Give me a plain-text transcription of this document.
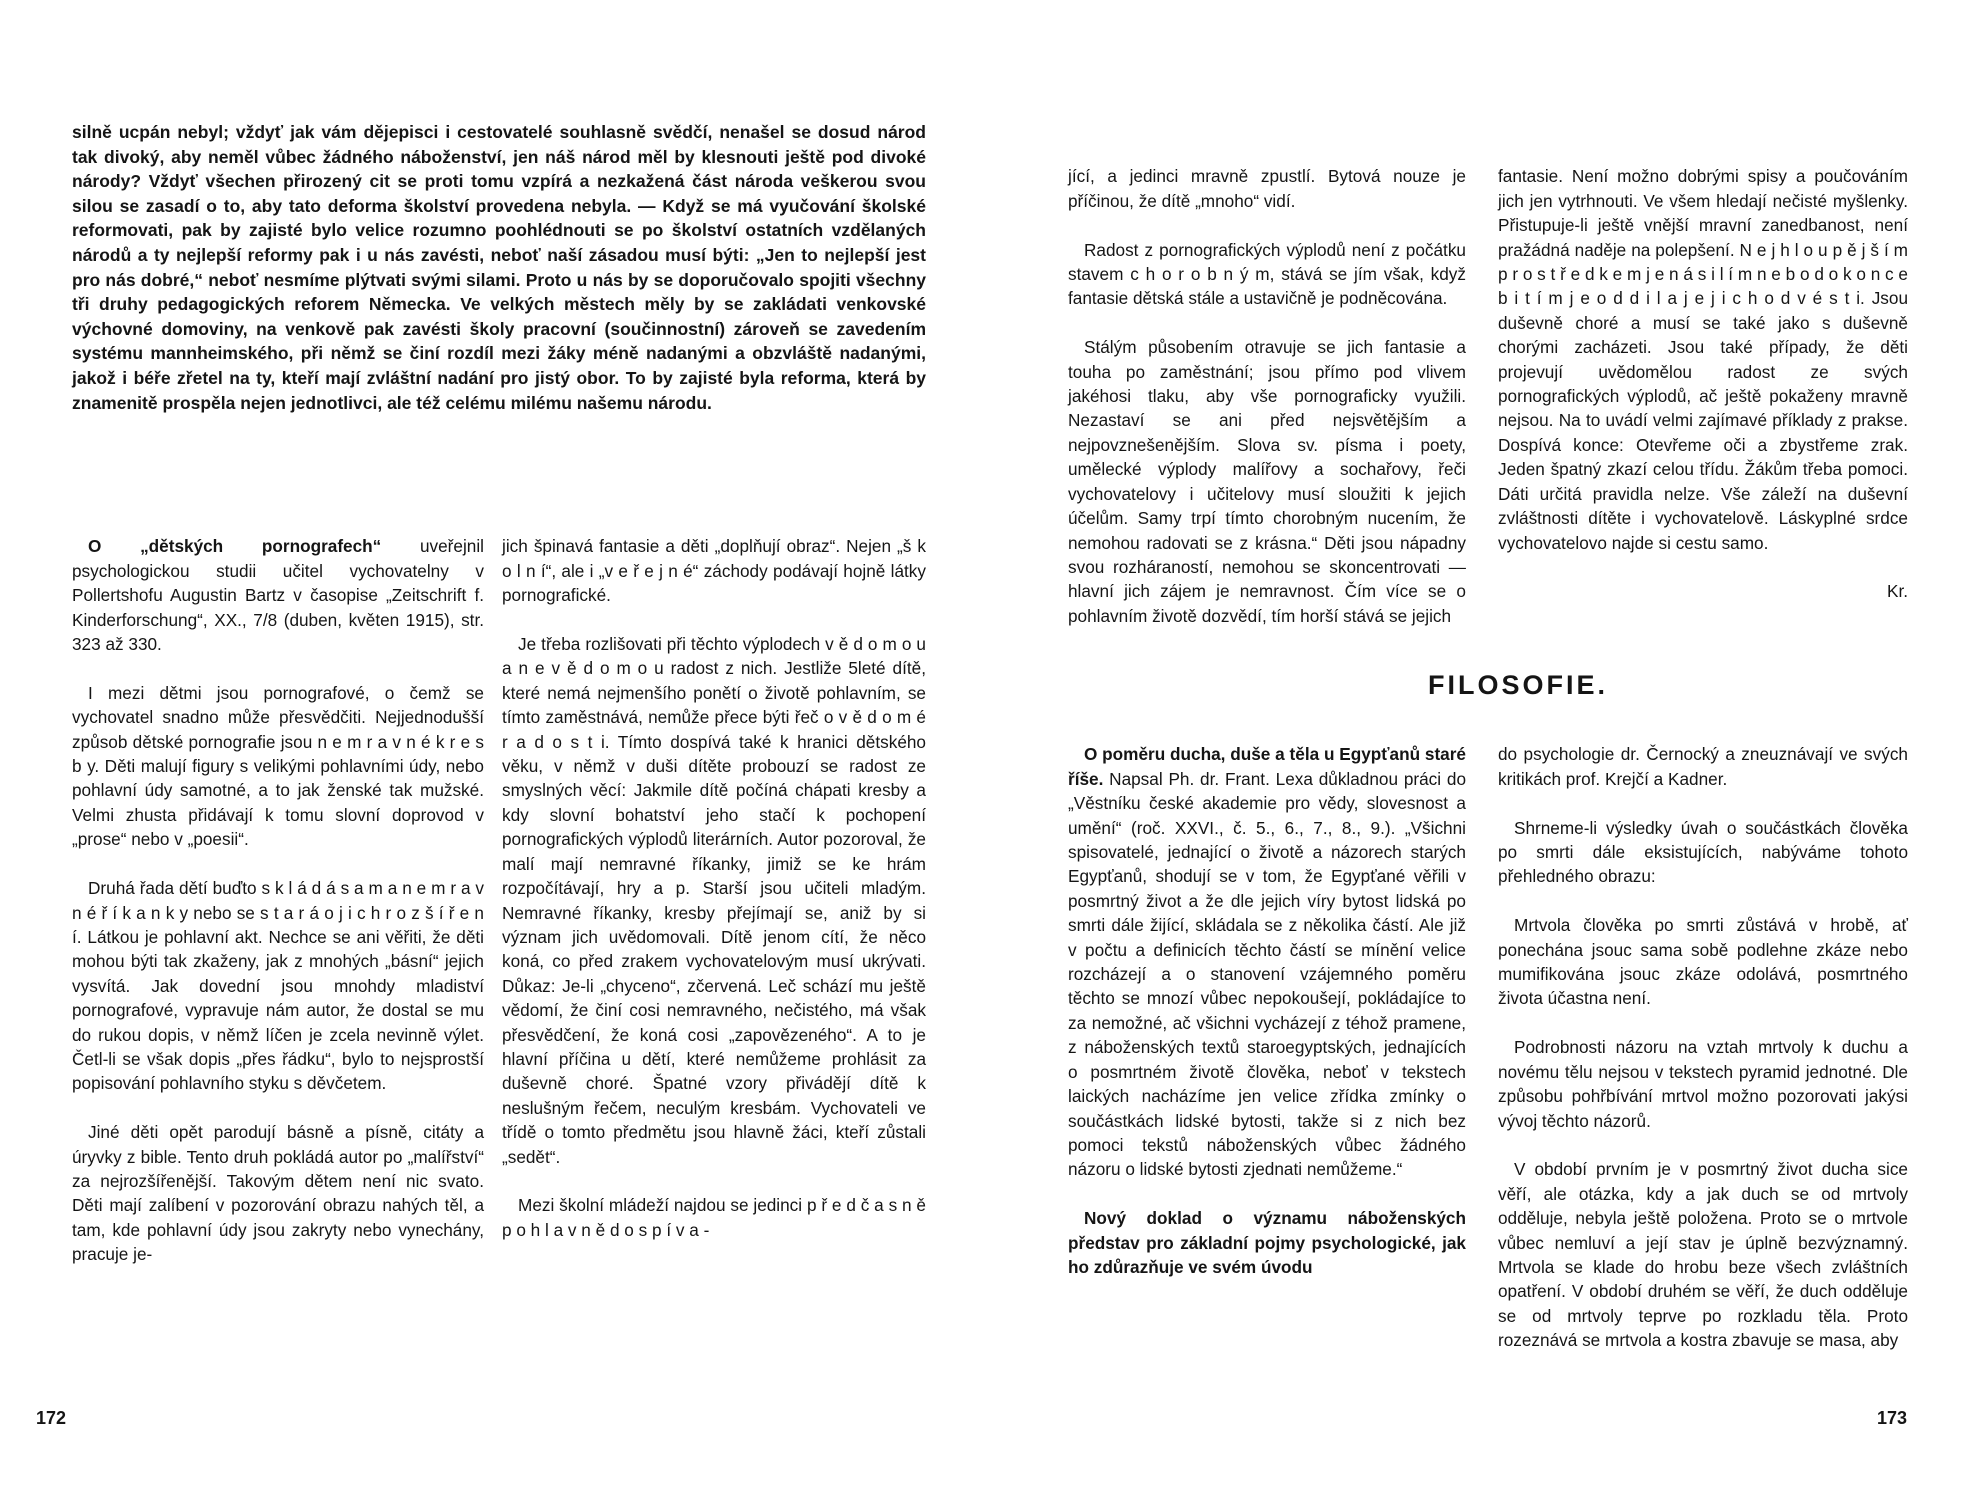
silně ucpán nebyl; vždyť jak vám dějepisci i cestovatelé souhlasně svědčí, nenašel se dosud národ tak divoký, aby neměl vůbec žádného náboženství, jen náš národ měl by klesnouti ještě pod divoké národy? Vždyť všechen přirozený cit se proti tomu vzpírá a nezkažená část národa veškerou svou silou se zasadí o to, aby tato deforma školství provedena nebyla. — Když se má vyučování školské reformovati, pak by zajisté bylo velice rozumno poohlédnouti se po školství ostatních vzdělaných národů a ty nejlepší reformy pak i u nás zavésti, neboť naší zásadou musí býti: „Jen to nejlepší jest pro nás dobré,“ neboť nesmíme plýtvati svými silami. Proto u nás by se doporučovalo spojiti všechny tři druhy pedagogických reforem Německa. Ve velkých městech měly by se zakládati venkovské výchovné domoviny, na venkově pak zavésti školy pracovní (součinnostní) zároveň se zavedením systému mannheimského, při němž se činí rozdíl mezi žáky méně nadanými a obzvláště nadanými, jakož i béře zřetel na ty, kteří mají zvláštní nadání pro jistý obor. To by zajisté byla reforma, která by znamenitě prospěla nejen jednotlivci, ale též celému milému našemu národu.

O „dětských pornografech“ uveřejnil psychologickou studii učitel vychovatelny v Pollertshofu Augustin Bartz v časopise „Zeitschrift f. Kinderforschung“, XX., 7/8 (duben, květen 1915), str. 323 až 330.

I mezi dětmi jsou pornografové, o čemž se vychovatel snadno může přesvědčiti. Nejjednodušší způsob dětské pornografie jsou n e m r a v n é k r e s b y. Děti malují figury s velikými pohlavními údy, nebo pohlavní údy samotné, a to jak ženské tak mužské. Velmi zhusta přidávají k tomu slovní doprovod v „prose“ nebo v „poesii“.

Druhá řada dětí buďto s k l á d á s a m a n e m r a v n é ř í k a n k y nebo se s t a r á o j i c h r o z š í ř e n í. Látkou je pohlavní akt. Nechce se ani věřiti, že děti mohou býti tak zkaženy, jak z mnohých „básní“ jejich vysvítá. Jak dovední jsou mnohdy mladiství pornografové, vypravuje nám autor, že dostal se mu do rukou dopis, v němž líčen je zcela nevinně výlet. Četl-li se však dopis „přes řádku“, bylo to nejsprostší popisování pohlavního styku s děvčetem.

Jiné děti opět parodují básně a písně, citáty a úryvky z bible. Tento druh pokládá autor po „malířství“ za nejrozšířenější. Takovým dětem není nic svato. Děti mají zalíbení v pozorování obrazu nahých těl, a tam, kde pohlavní údy jsou zakryty nebo vynechány, pracuje je-

jich špinavá fantasie a děti „doplňují obraz“. Nejen „š k o l n í“, ale i „v e ř e j n é“ záchody podávají hojně látky pornografické.

Je třeba rozlišovati při těchto výplodech v ě d o m o u a n e v ě d o m o u radost z nich. Jestliže 5leté dítě, které nemá nejmenšího ponětí o životě pohlavním, se tímto zaměstnává, nemůže přece býti řeč o v ě d o m é r a d o s t i. Tímto dospívá také k hranici dětského věku, v němž v duši dítěte probouzí se radost ze smyslných věcí: Jakmile dítě počíná chápati kresby a kdy slovní bohatství jeho stačí k pochopení pornografických výplodů literárních. Autor pozoroval, že malí mají nemravné říkanky, jimiž se ke hrám rozpočítávají, hry a p. Starší jsou učiteli mladým. Nemravné říkanky, kresby přejímají se, aniž by si význam jich uvědomovali. Dítě jenom cítí, že něco koná, co před zrakem vychovatelovým musí ukrývati. Důkaz: Je-li „chyceno“, zčervená. Leč schází mu ještě vědomí, že činí cosi nemravného, nečistého, má však přesvědčení, že koná cosi „zapovězeného“. A to je hlavní příčina u dětí, které nemůžeme prohlásit za duševně choré. Špatné vzory přivádějí dítě k neslušným řečem, neculým kresbám. Vychovateli ve třídě o tomto předmětu jsou hlavně žáci, kteří zůstali „sedět“.

Mezi školní mládeží najdou se jedinci p ř e d č a s n ě p o h l a v n ě d o s p í v a -

172

jící, a jedinci mravně zpustlí. Bytová nouze je příčinou, že dítě „mnoho“ vidí.

Radost z pornografických výplodů není z počátku stavem c h o r o b n ý m, stává se jím však, když fantasie dětská stále a ustavičně je podněcována.

Stálým působením otravuje se jich fantasie a touha po zaměstnání; jsou přímo pod vlivem jakéhosi tlaku, aby vše pornograficky využili. Nezastaví se ani před nejsvětějším a nejpovznešenějším. Slova sv. písma i poety, umělecké výplody malířovy a sochařovy, řeči vychovatelovy i učitelovy musí sloužiti k jejich účelům. Samy trpí tímto chorobným nucením, že nemohou radovati se z krásna.“ Děti jsou nápadny svou rozháraností, nemohou se skoncentrovati — hlavní jich zájem je nemravnost. Čím více se o pohlavním životě dozvědí, tím horší stává se jejich

fantasie. Není možno dobrými spisy a poučováním jich jen vytrhnouti. Ve všem hledají nečisté myšlenky. Přistupuje-li ještě vnější mravní zanedbanost, není pražádná naděje na polepšení. N e j h l o u p ě j š í m p r o s t ř e d k e m j e n á s i l í m n e b o d o k o n c e b i t í m j e o d d i l a j e j i c h o d v é s t i. Jsou duševně choré a musí se také jako s duševně chorými zacházeti. Jsou také případy, že děti projevují uvědomělou radost ze svých pornografických výplodů, ač ještě pokaženy mravně nejsou. Na to uvádí velmi zajímavé příklady z prakse. Dospívá konce: Otevřeme oči a zbystřeme zrak. Jeden špatný zkazí celou třídu. Žákům třeba pomoci. Dáti určitá pravidla nelze. Vše záleží na duševní zvláštnosti dítěte i vychovatelově. Láskyplné srdce vychovatelovo najde si cestu samo.

Kr.

FILOSOFIE.

O poměru ducha, duše a těla u Egypťanů staré říše. Napsal Ph. dr. Frant. Lexa důkladnou práci do „Věstníku české akademie pro vědy, slovesnost a umění“ (roč. XXVI., č. 5., 6., 7., 8., 9.). „Všichni spisovatelé, jednající o životě a názorech starých Egypťanů, shodují se v tom, že Egypťané věřili v posmrtný život a že dle jejich víry bytost lidská po smrti dále žijící, skládala se z několika částí. Ale již v počtu a definicích těchto částí se mínění velice rozcházejí a o stanovení vzájemného poměru těchto se mnozí vůbec nepokoušejí, pokládajíce to za nemožné, ač všichni vycházejí z téhož pramene, z náboženských textů staroegyptských, jednajících o posmrtném životě člověka, neboť v tekstech laických nacházíme jen velice zřídka zmínky o součástkách lidské bytosti, takže si z nich bez pomoci tekstů náboženských vůbec žádného názoru o lidské bytosti zjednati nemůžeme.“

Nový doklad o významu náboženských představ pro základní pojmy psychologické, jak ho zdůrazňuje ve svém úvodu

do psychologie dr. Černocký a zneuznávají ve svých kritikách prof. Krejčí a Kadner.

Shrneme-li výsledky úvah o součástkách člověka po smrti dále eksistujících, nabýváme tohoto přehledného obrazu:

Mrtvola člověka po smrti zůstává v hrobě, ať ponechána jsouc sama sobě podlehne zkáze nebo mumifikována jsouc zkáze odolává, posmrtného života účastna není.

Podrobnosti názoru na vztah mrtvoly k duchu a novému tělu nejsou v tekstech pyramid jednotné. Dle způsobu pohřbívání mrtvol možno pozorovati jakýsi vývoj těchto názorů.

V období prvním je v posmrtný život ducha sice věří, ale otázka, kdy a jak duch se od mrtvoly odděluje, nebyla ještě položena. Proto se o mrtvole vůbec nemluví a její stav je úplně bezvýznamný. Mrtvola se klade do hrobu beze všech zvláštních opatření. V období druhém se věří, že duch odděluje se od mrtvoly teprve po rozkladu těla. Proto rozeznává se mrtvola a kostra zbavuje se masa, aby

173
